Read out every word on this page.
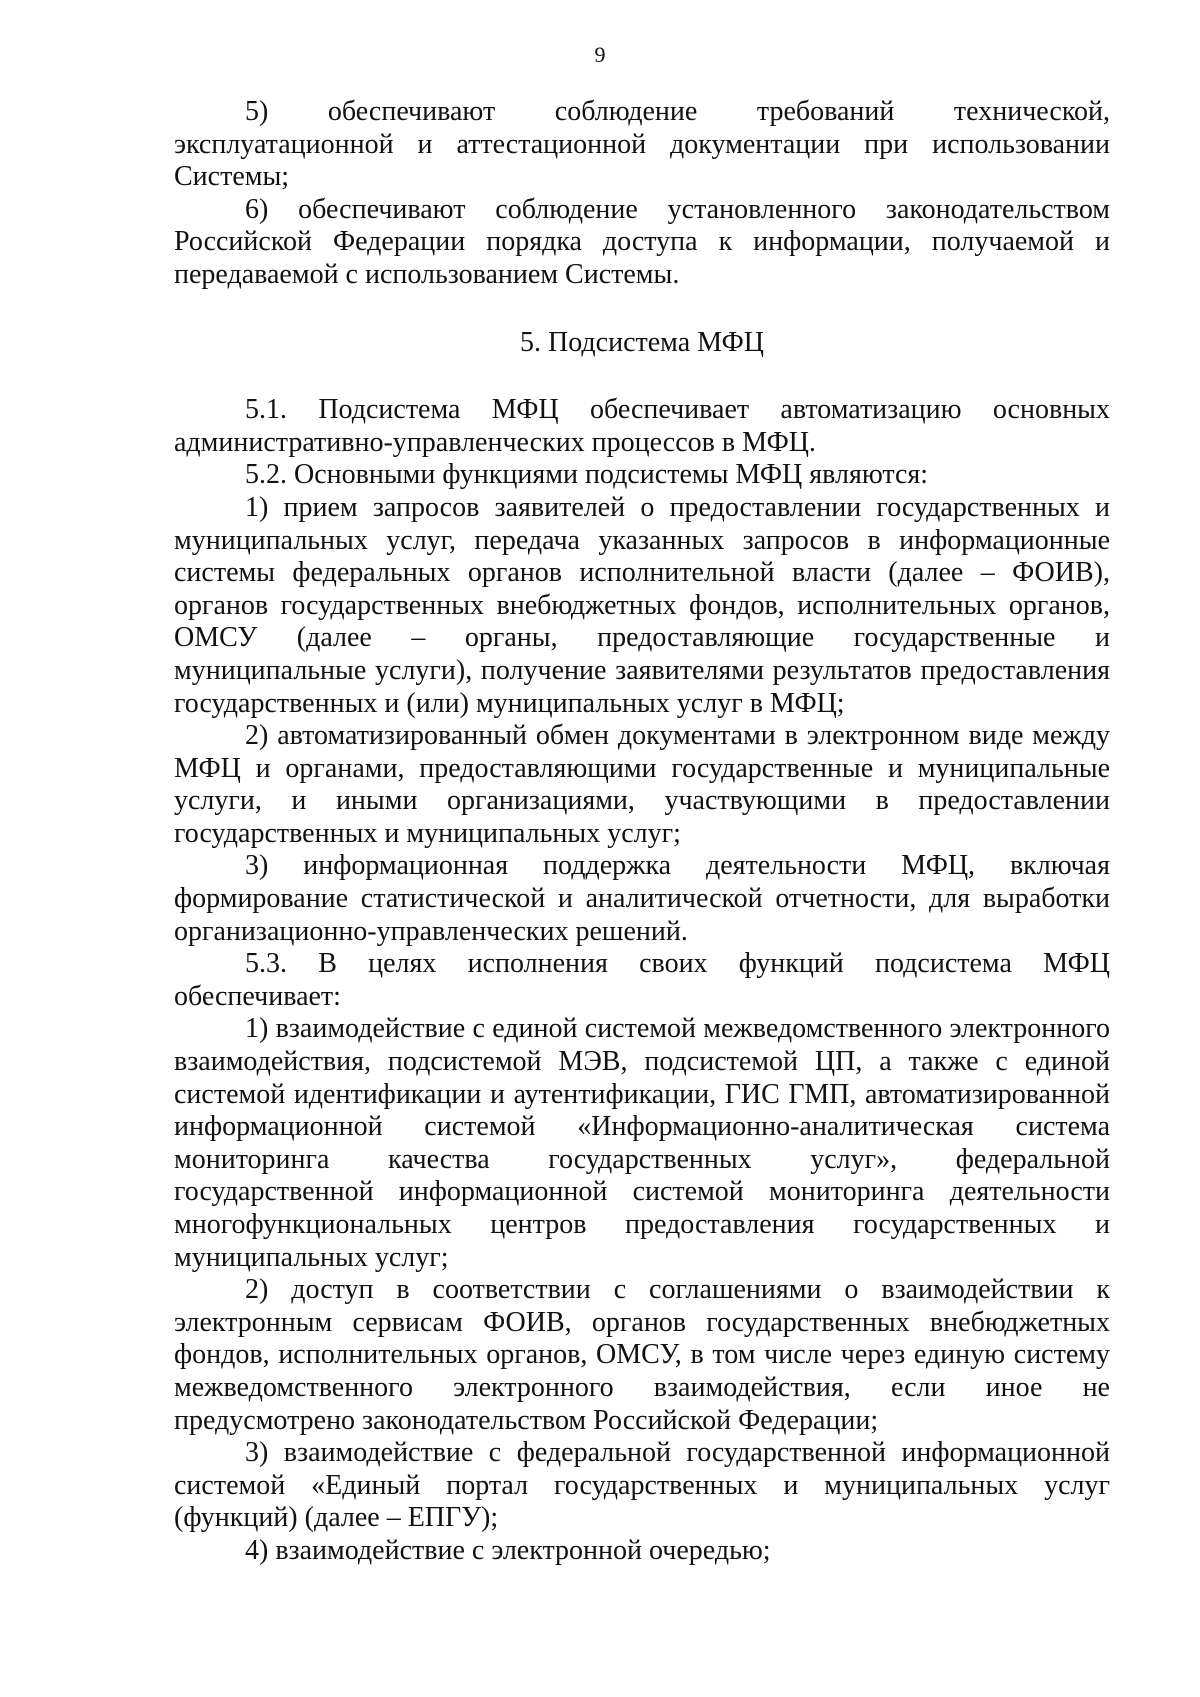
9

5) обеспечивают соблюдение требований технической, эксплуатационной и аттестационной документации при использовании Системы;

6) обеспечивают соблюдение установленного законодательством Российской Федерации порядка доступа к информации, получаемой и передаваемой с использованием Системы.

5. Подсистема МФЦ

5.1. Подсистема МФЦ обеспечивает автоматизацию основных административно-управленческих процессов в МФЦ.

5.2. Основными функциями подсистемы МФЦ являются:

1) прием запросов заявителей о предоставлении государственных и муниципальных услуг, передача указанных запросов в информационные системы федеральных органов исполнительной власти (далее – ФОИВ), органов государственных внебюджетных фондов, исполнительных органов, ОМСУ (далее – органы, предоставляющие государственные и муниципальные услуги), получение заявителями результатов предоставления государственных и (или) муниципальных услуг в МФЦ;

2) автоматизированный обмен документами в электронном виде между МФЦ и органами, предоставляющими государственные и муниципальные услуги, и иными организациями, участвующими в предоставлении государственных и муниципальных услуг;

3) информационная поддержка деятельности МФЦ, включая формирование статистической и аналитической отчетности, для выработки организационно-управленческих решений.

5.3. В целях исполнения своих функций подсистема МФЦ обеспечивает:

1) взаимодействие с единой системой межведомственного электронного взаимодействия, подсистемой МЭВ, подсистемой ЦП, а также с единой системой идентификации и аутентификации, ГИС ГМП, автоматизированной информационной системой «Информационно-аналитическая система мониторинга качества государственных услуг», федеральной государственной информационной системой мониторинга деятельности многофункциональных центров предоставления государственных и муниципальных услуг;

2) доступ в соответствии с соглашениями о взаимодействии к электронным сервисам ФОИВ, органов государственных внебюджетных фондов, исполнительных органов, ОМСУ, в том числе через единую систему межведомственного электронного взаимодействия, если иное не предусмотрено законодательством Российской Федерации;

3) взаимодействие с федеральной государственной информационной системой «Единый портал государственных и муниципальных услуг (функций) (далее – ЕПГУ);

4) взаимодействие с электронной очередью;
